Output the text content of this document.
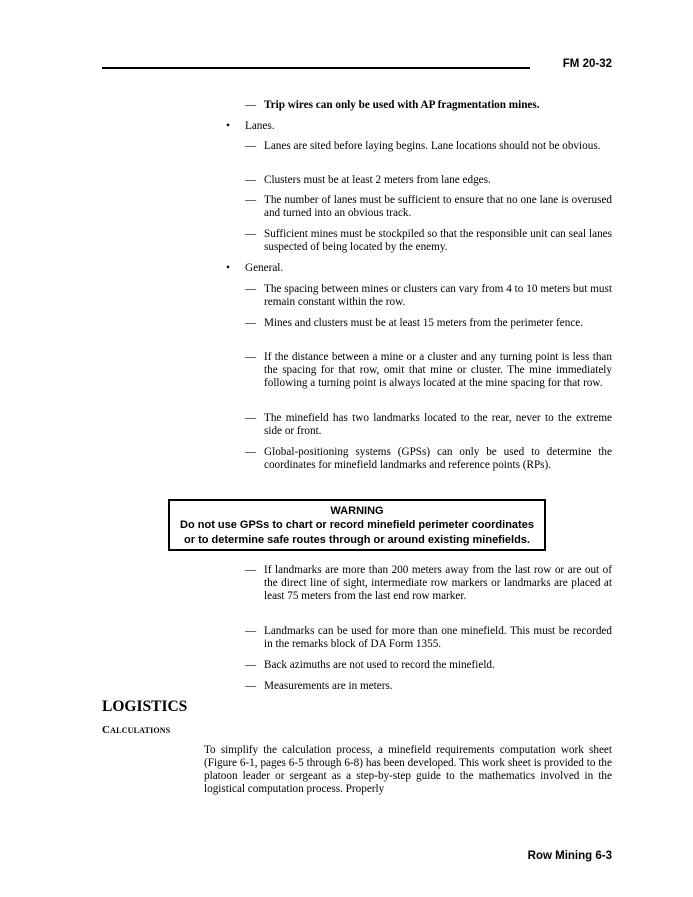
FM 20-32
— Trip wires can only be used with AP fragmentation mines.
• Lanes.
— Lanes are sited before laying begins. Lane locations should not be obvious.
— Clusters must be at least 2 meters from lane edges.
— The number of lanes must be sufficient to ensure that no one lane is overused and turned into an obvious track.
— Sufficient mines must be stockpiled so that the responsible unit can seal lanes suspected of being located by the enemy.
• General.
— The spacing between mines or clusters can vary from 4 to 10 meters but must remain constant within the row.
— Mines and clusters must be at least 15 meters from the perimeter fence.
— If the distance between a mine or a cluster and any turning point is less than the spacing for that row, omit that mine or cluster. The mine immediately following a turning point is always located at the mine spacing for that row.
— The minefield has two landmarks located to the rear, never to the extreme side or front.
— Global-positioning systems (GPSs) can only be used to determine the coordinates for minefield landmarks and reference points (RPs).
WARNING
Do not use GPSs to chart or record minefield perimeter coordinates
or to determine safe routes through or around existing minefields.
— If landmarks are more than 200 meters away from the last row or are out of the direct line of sight, intermediate row markers or landmarks are placed at least 75 meters from the last end row marker.
— Landmarks can be used for more than one minefield. This must be recorded in the remarks block of DA Form 1355.
— Back azimuths are not used to record the minefield.
— Measurements are in meters.
LOGISTICS
Calculations
To simplify the calculation process, a minefield requirements computation work sheet (Figure 6-1, pages 6-5 through 6-8) has been developed. This work sheet is provided to the platoon leader or sergeant as a step-by-step guide to the mathematics involved in the logistical computation process. Properly
Row Mining 6-3
